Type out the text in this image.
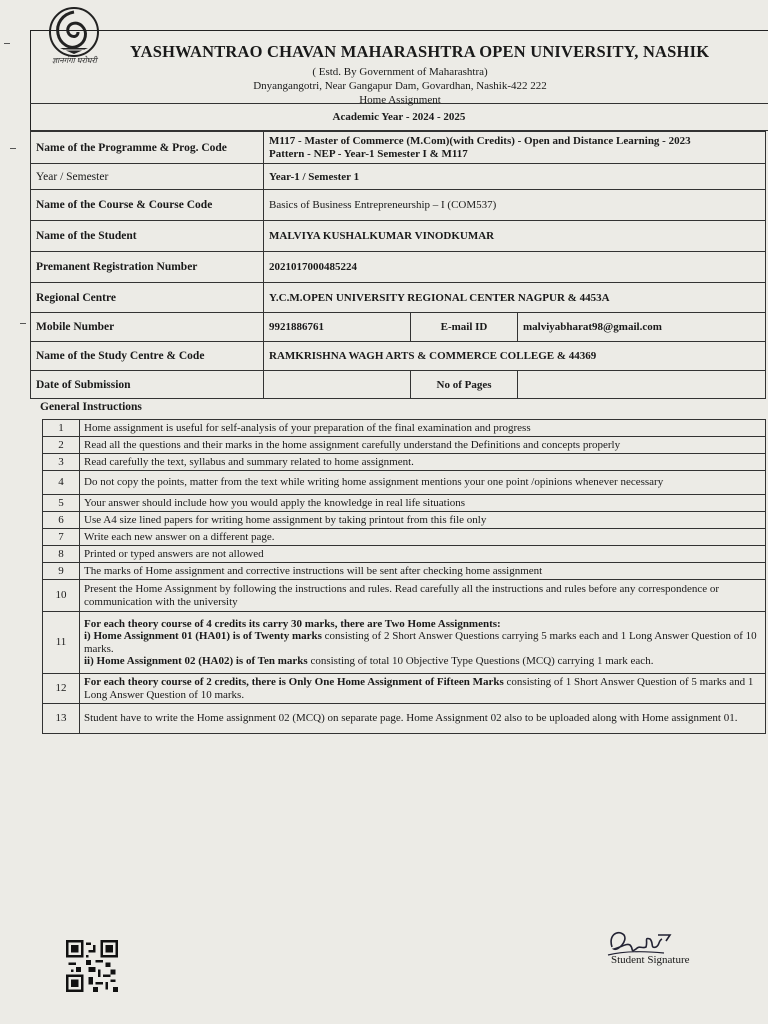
ज्ञानगंगा घरोघरी YASHWANTRAO CHAVAN MAHARASHTRA OPEN UNIVERSITY, NASHIK
( Estd. By Government of Maharashtra)
Dnyangangotri, Near Gangapur Dam, Govardhan, Nashik-422 222
Home Assignment
Academic Year - 2024 - 2025
Name of the Programme & Prog. Code	M117 - Master of Commerce (M.Com)(with Credits) - Open and Distance Learning - 2023
Pattern - NEP - Year-1 Semester I & M117		

Year / Semester	Year-1 / Semester 1		
Name of the Course & Course Code	Basics of Business Entrepreneurship – I (COM537)		
Name of the Student	MALVIYA KUSHALKUMAR VINODKUMAR		
Premanent Registration Number	2021017000485224		
Regional Centre	Y.C.M.OPEN UNIVERSITY REGIONAL CENTER NAGPUR & 4453A		
Mobile Number	9921886761	E-mail ID	malviyabharat98@gmail.com
Name of the Study Centre & Code	RAMKRISHNA WAGH ARTS & COMMERCE COLLEGE & 44369		
Date of Submission		No of Pages	
General Instructions
1	Home assignment is useful for self-analysis of your preparation of the final examination and progress
2	Read all the questions and their marks in the home assignment carefully understand the Definitions and concepts properly
3	Read carefully the text, syllabus and summary related to home assignment.
4	Do not copy the points, matter from the text while writing home assignment mentions your one point /opinions whenever necessary
5	Your answer should include how you would apply the knowledge in real life situations
6	Use A4 size lined papers for writing home assignment by taking printout from this file only
7	Write each new answer on a different page.
8	Printed or typed answers are not allowed
9	The marks of Home assignment and corrective instructions will be sent after checking home assignment
10	Present the Home Assignment by following the instructions and rules. Read carefully all the instructions and rules before any correspondence or communication with the university
11	For each theory course of 4 credits its carry 30 marks, there are Two Home Assignments:
i) Home Assignment 01 (HA01) is of Twenty marks consisting of 2 Short Answer Questions carrying 5 marks each and 1 Long Answer Question of 10 marks.
ii) Home Assignment 02 (HA02) is of Ten marks consisting of total 10 Objective Type Questions (MCQ) carrying 1 mark each.

12	For each theory course of 2 credits, there is Only One Home Assignment of Fifteen Marks consisting of 1 Short Answer Question of 5 marks and 1 Long Answer Question of 10 marks.
13	Student have to write the Home assignment 02 (MCQ) on separate page. Home Assignment 02 also to be uploaded along with Home assignment 01.
Student Signature
